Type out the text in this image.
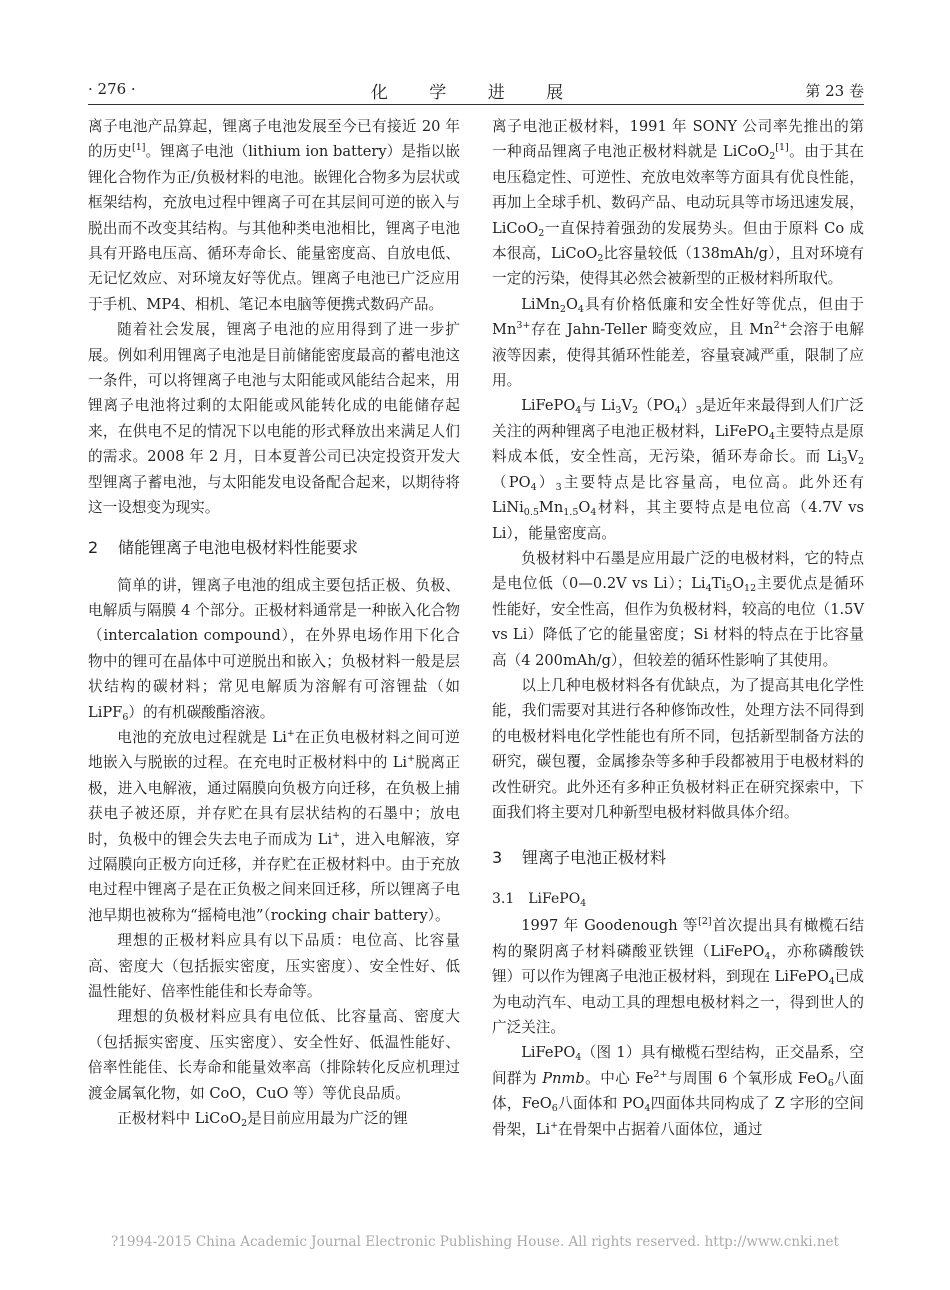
· 276 ·	化 学 进 展	第 23 卷

离子电池产品算起，锂离子电池发展至今已有接近 20 年的历史[1]。锂离子电池（lithium ion battery）是指以嵌锂化合物作为正/负极材料的电池。嵌锂化合物多为层状或框架结构，充放电过程中锂离子可在其层间可逆的嵌入与脱出而不改变其结构。与其他种类电池相比，锂离子电池具有开路电压高、循环寿命长、能量密度高、自放电低、无记忆效应、对环境友好等优点。锂离子电池已广泛应用于手机、MP4、相机、笔记本电脑等便携式数码产品。

随着社会发展，锂离子电池的应用得到了进一步扩展。例如利用锂离子电池是目前储能密度最高的蓄电池这一条件，可以将锂离子电池与太阳能或风能结合起来，用锂离子电池将过剩的太阳能或风能转化成的电能储存起来，在供电不足的情况下以电能的形式释放出来满足人们的需求。2008 年 2 月，日本夏普公司已决定投资开发大型锂离子蓄电池，与太阳能发电设备配合起来，以期待将这一设想变为现实。

2 储能锂离子电池电极材料性能要求

简单的讲，锂离子电池的组成主要包括正极、负极、电解质与隔膜 4 个部分。正极材料通常是一种嵌入化合物（intercalation compound），在外界电场作用下化合物中的锂可在晶体中可逆脱出和嵌入；负极材料一般是层状结构的碳材料；常见电解质为溶解有可溶锂盐（如 LiPF$_6$）的有机碳酸酯溶液。

电池的充放电过程就是 Li+在正负电极材料之间可逆地嵌入与脱嵌的过程。在充电时正极材料中的 Li+脱离正极，进入电解液，通过隔膜向负极方向迁移，在负极上捕获电子被还原，并存贮在具有层状结构的石墨中；放电时，负极中的锂会失去电子而成为 Li+，进入电解液，穿过隔膜向正极方向迁移，并存贮在正极材料中。由于充放电过程中锂离子是在正负极之间来回迁移，所以锂离子电池早期也被称为“摇椅电池”（rocking chair battery）。

理想的正极材料应具有以下品质：电位高、比容量高、密度大（包括振实密度，压实密度）、安全性好、低温性能好、倍率性能佳和长寿命等。

理想的负极材料应具有电位低、比容量高、密度大（包括振实密度、压实密度）、安全性好、低温性能好、倍率性能佳、长寿命和能量效率高（排除转化反应机理过渡金属氧化物，如 CoO，CuO 等）等优良品质。

正极材料中 LiCoO$_2$是目前应用最为广泛的锂

离子电池正极材料，1991 年 SONY 公司率先推出的第一种商品锂离子电池正极材料就是 LiCoO$_2$[1]。由于其在电压稳定性、可逆性、充放电效率等方面具有优良性能，再加上全球手机、数码产品、电动玩具等市场迅速发展，LiCoO$_2$一直保持着强劲的发展势头。但由于原料 Co 成本很高，LiCoO$_2$比容量较低（138mAh/g），且对环境有一定的污染，使得其必然会被新型的正极材料所取代。

$LiMn_2O_4$具有价格低廉和安全性好等优点，但由于 $Mn^{3+}$存在 Jahn-Teller 畸变效应，且 $Mn^{2+}$会溶于电解液等因素，使得其循环性能差，容量衰减严重，限制了应用。

LiFePO$_4$与 $Li_3V_2(PO_4)_3$是近年来最得到人们广泛关注的两种锂离子电池正极材料，LiFePO$_4$主要特点是原料成本低，安全性高，无污染，循环寿命长。而 $Li_3V_2(PO_4)_3$主要特点是比容量高，电位高。此外还有 $LiNi_{0.5}Mn_{1.5}O_4$材料，其主要特点是电位高（4.7V vs Li），能量密度高。

负极材料中石墨是应用最广泛的电极材料，它的特点是电位低（0—0.2V vs Li）；$Li_4Ti_5O_{12}$主要优点是循环性能好，安全性高，但作为负极材料，较高的电位（1.5V vs Li）降低了它的能量密度；Si 材料的特点在于比容量高（4 200mAh/g），但较差的循环性影响了其使用。

以上几种电极材料各有优缺点，为了提高其电化学性能，我们需要对其进行各种修饰改性，处理方法不同得到的电极材料电化学性能也有所不同，包括新型制备方法的研究，碳包覆，金属掺杂等多种手段都被用于电极材料的改性研究。此外还有多种正负极材料正在研究探索中，下面我们将主要对几种新型电极材料做具体介绍。

3 锂离子电池正极材料

3.1　LiFePO$_4$

1997 年 Goodenough 等[2]首次提出具有橄榄石结构的聚阴离子材料磷酸亚铁锂（LiFePO$_4$，亦称磷酸铁锂）可以作为锂离子电池正极材料，到现在 LiFePO$_4$已成为电动汽车、电动工具的理想电极材料之一，得到世人的广泛关注。

LiFePO$_4$（图 1）具有橄榄石型结构，正交晶系，空间群为 Pnmb。中心 $Fe^{2+}$与周围 6 个氧形成 FeO$_6$八面体，FeO$_6$八面体和 $PO_4$四面体共同构成了 Z 字形的空间骨架，Li+在骨架中占据着八面体位，通过

?1994-2015 China Academic Journal Electronic Publishing House. All rights reserved. http://www.cnki.net
